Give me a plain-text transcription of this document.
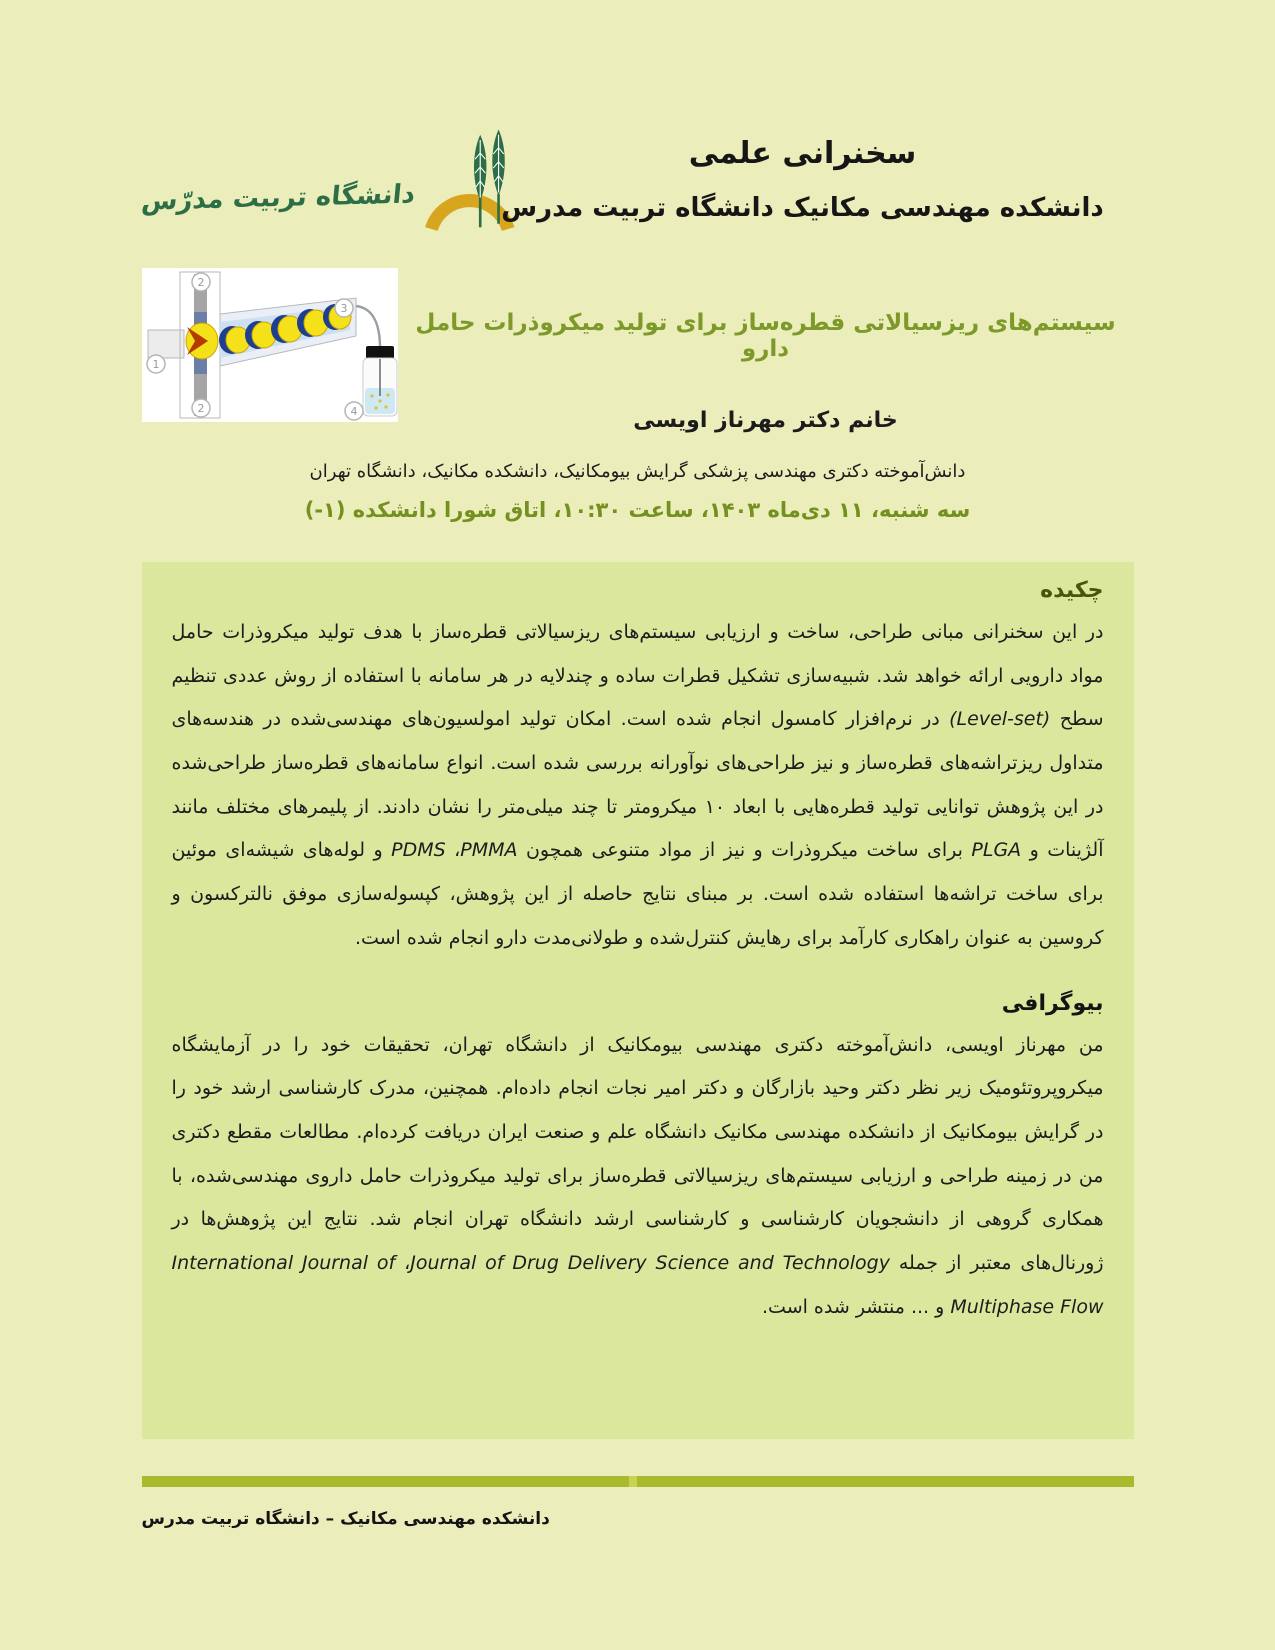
دانشگاه تربیت مدرّس
سخنرانی علمی
دانشکده مهندسی مکانیک دانشگاه تربیت مدرس
2
1
2
3
4
سیستم‌های ریزسیالاتی قطره‌ساز برای تولید میکروذرات حامل دارو
خانم دکتر مهرناز اویسی
دانش‌آموخته دکتری مهندسی پزشکی گرایش بیومکانیک، دانشکده مکانیک، دانشگاه تهران
سه شنبه، ۱۱ دی‌ماه ۱۴۰۳، ساعت ۱۰:۳۰، اتاق شورا دانشکده (-۱)
چکیده

در این سخنرانی مبانی طراحی، ساخت و ارزیابی سیستم‌های ریزسیالاتی قطره‌ساز با هدف تولید میکروذرات حامل مواد دارویی ارائه خواهد شد. شبیه‌سازی تشکیل قطرات ساده و چندلایه در هر سامانه با استفاده از روش عددی تنظیم سطح (Level-set) در نرم‌افزار کامسول انجام شده است. امکان تولید امولسیون‌های مهندسی‌شده در هندسه‌های متداول ریزتراشه‌های قطره‌ساز و نیز طراحی‌های نوآورانه بررسی شده است. انواع سامانه‌های قطره‌ساز طراحی‌شده در این پژوهش توانایی تولید قطره‌هایی با ابعاد ۱۰ میکرومتر تا چند میلی‌متر را نشان دادند. از پلیمرهای مختلف مانند آلژینات و PLGA برای ساخت میکروذرات و نیز از مواد متنوعی همچون PMMA، PDMS و لوله‌های شیشه‌ای موئین برای ساخت تراشه‌ها استفاده شده است. بر مبنای نتایج حاصله از این پژوهش، کپسوله‌سازی موفق نالترکسون و کروسین به عنوان راهکاری کارآمد برای رهایش کنترل‌شده و طولانی‌مدت دارو انجام شده است.

بیوگرافی

من مهرناز اویسی، دانش‌آموخته دکتری مهندسی بیومکانیک از دانشگاه تهران، تحقیقات خود را در آزمایشگاه میکروپروتئومیک زیر نظر دکتر وحید بازارگان و دکتر امیر نجات انجام داده‌ام. همچنین، مدرک کارشناسی ارشد خود را در گرایش بیومکانیک از دانشکده مهندسی مکانیک دانشگاه علم و صنعت ایران دریافت کرده‌ام. مطالعات مقطع دکتری من در زمینه طراحی و ارزیابی سیستم‌های ریزسیالاتی قطره‌ساز برای تولید میکروذرات حامل داروی مهندسی‌شده، با همکاری گروهی از دانشجویان کارشناسی و کارشناسی ارشد دانشگاه تهران انجام شد. نتایج این پژوهش‌ها در ژورنال‌های معتبر از جمله Journal of Drug Delivery Science and Technology، International Journal of Multiphase Flow و ... منتشر شده است.

دانشکده مهندسی مکانیک – دانشگاه تربیت مدرس
